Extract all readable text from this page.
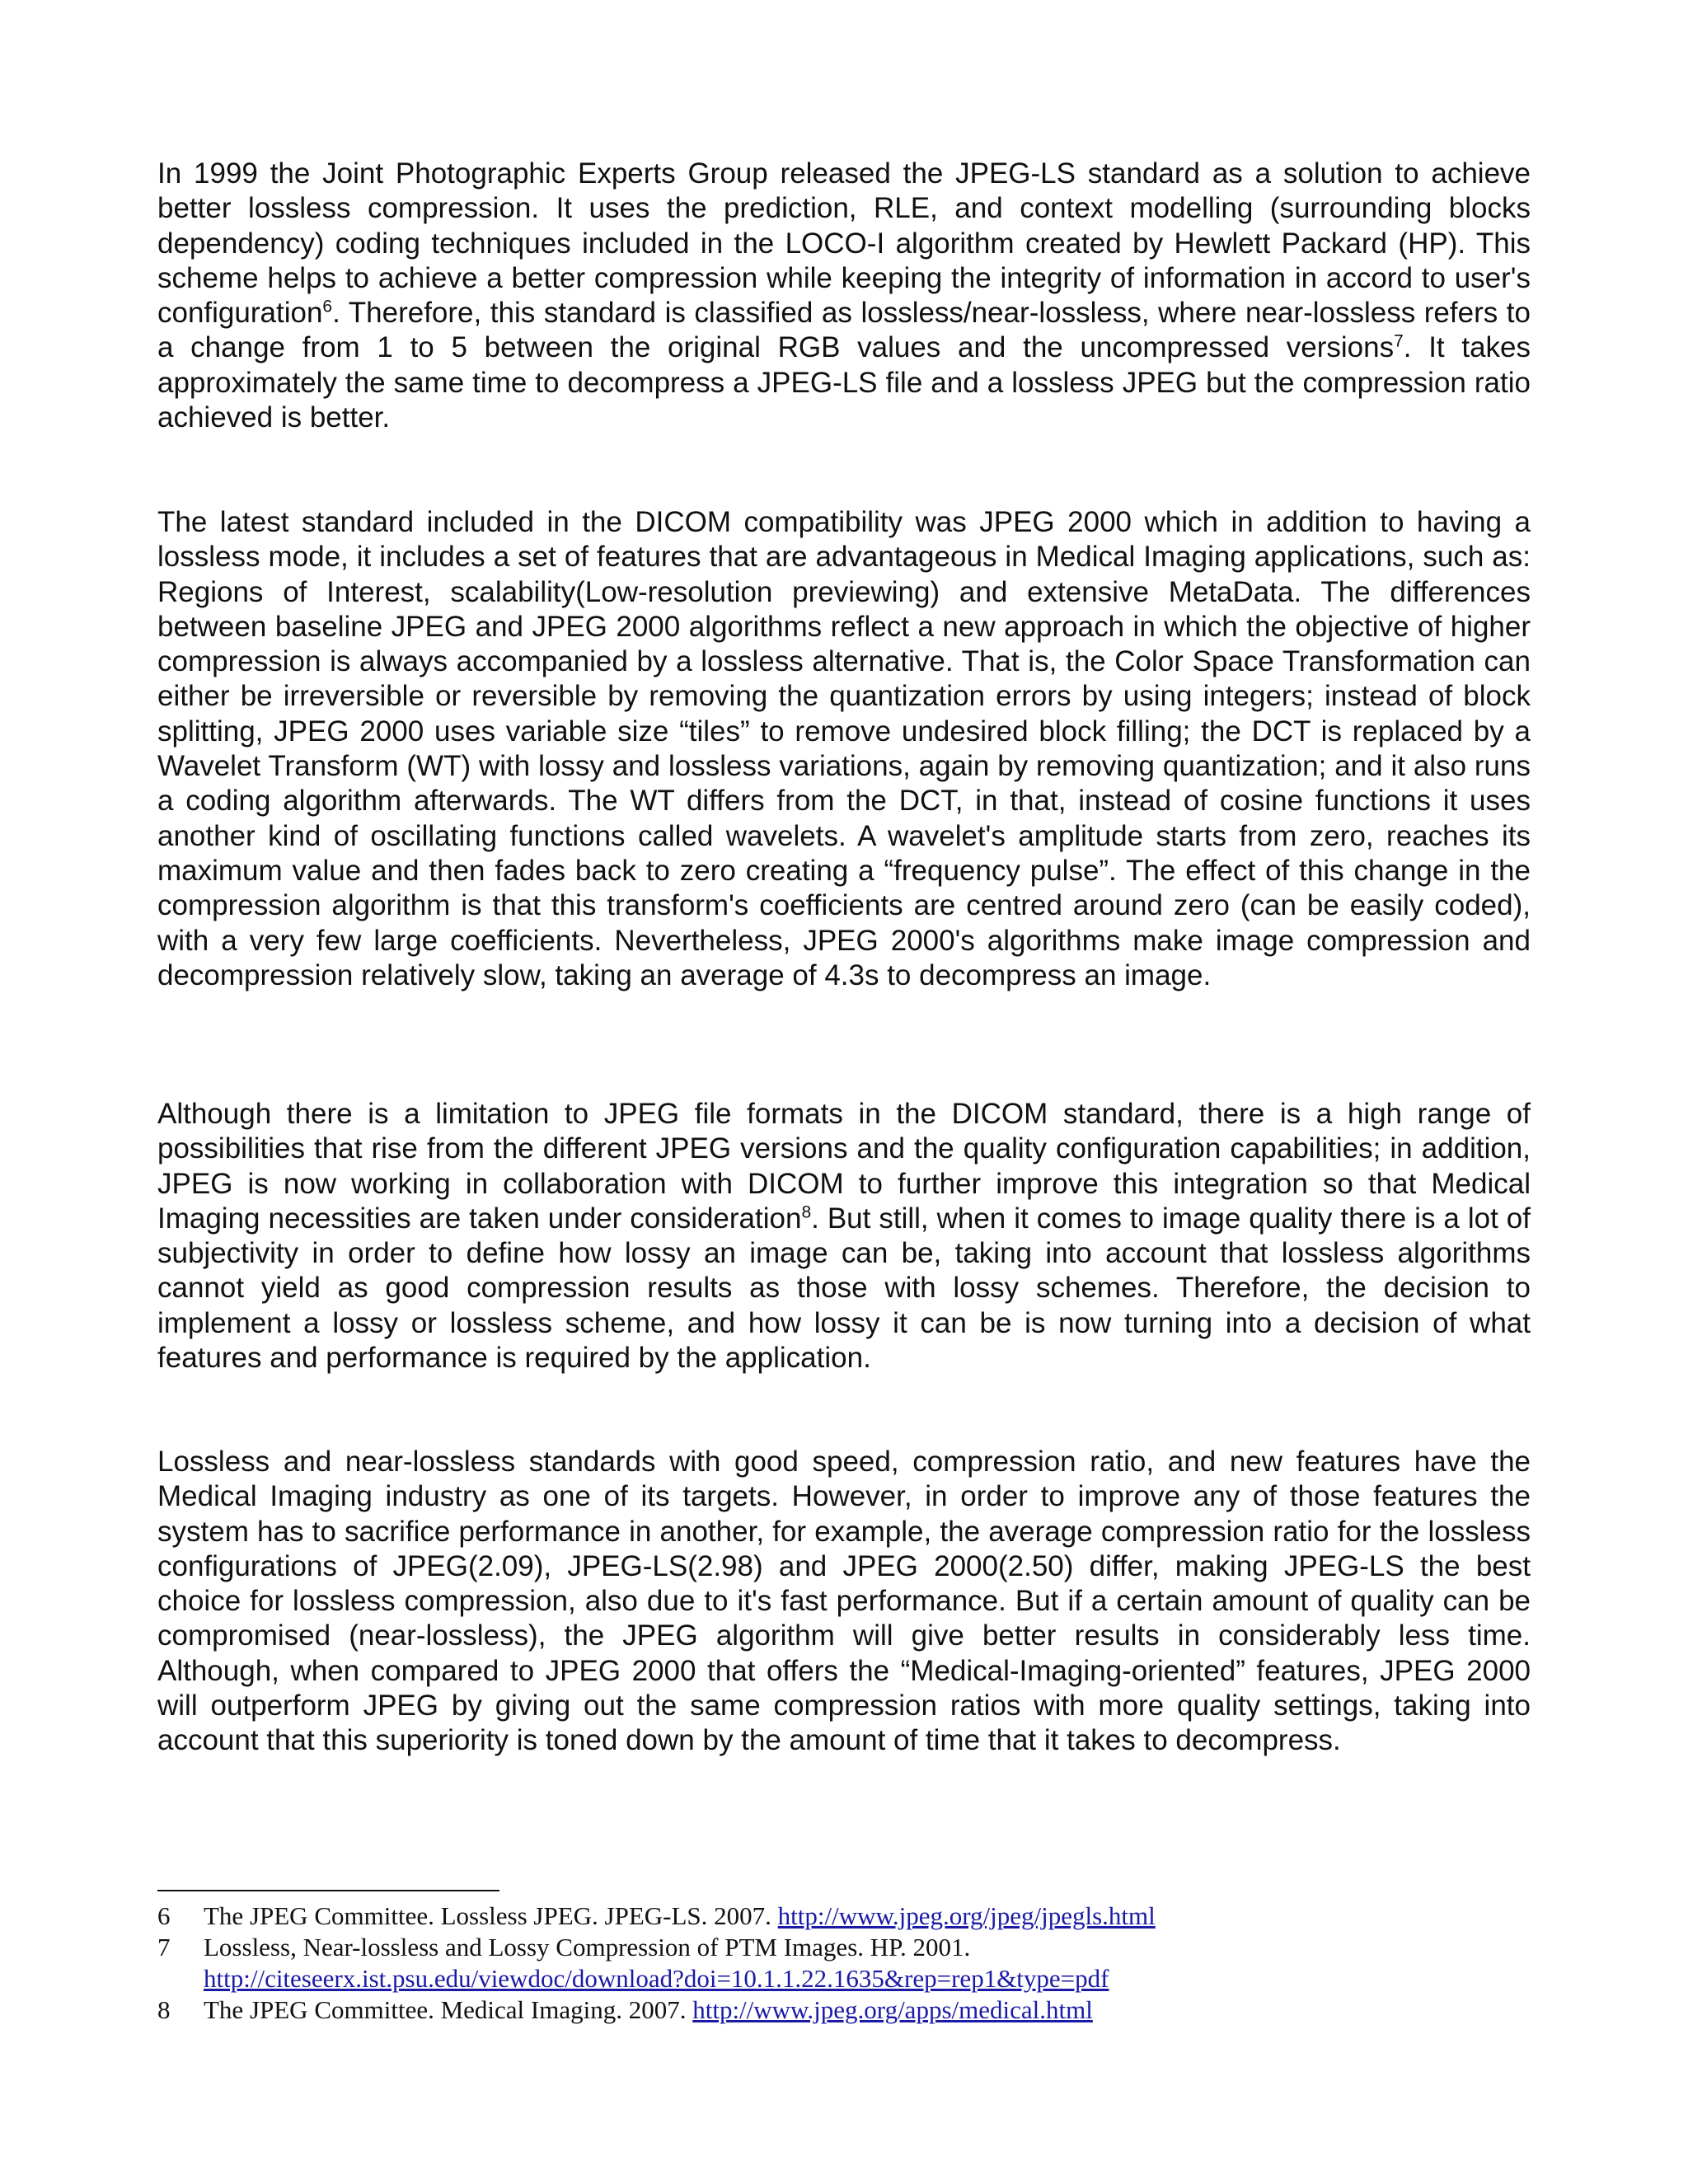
In 1999 the Joint Photographic Experts Group released the JPEG-LS standard as a solution to achieve better lossless compression. It uses the prediction, RLE, and context modelling (surrounding blocks dependency) coding techniques included in the LOCO-I algorithm created by Hewlett Packard (HP). This scheme helps to achieve a better compression while keeping the integrity of information in accord to user's configuration$^6$. Therefore, this standard is classified as lossless/near-lossless, where near-lossless refers to a change from 1 to 5 between the original RGB values and the uncompressed versions$^7$. It takes approximately the same time to decompress a JPEG-LS file and a lossless JPEG but the compression ratio achieved is better.

The latest standard included in the DICOM compatibility was JPEG 2000 which in addition to having a lossless mode, it includes a set of features that are advantageous in Medical Imaging applications, such as: Regions of Interest, scalability(Low-resolution previewing) and extensive MetaData. The differences between baseline JPEG and JPEG 2000 algorithms reflect a new approach in which the objective of higher compression is always accompanied by a lossless alternative. That is, the Color Space Transformation can either be irreversible or reversible by removing the quantization errors by using integers; instead of block splitting, JPEG 2000 uses variable size “tiles” to remove undesired block filling; the DCT is replaced by a Wavelet Transform (WT) with lossy and lossless variations, again by removing quantization; and it also runs a coding algorithm afterwards. The WT differs from the DCT, in that, instead of cosine functions it uses another kind of oscillating functions called wavelets. A wavelet's amplitude starts from zero, reaches its maximum value and then fades back to zero creating a “frequency pulse”. The effect of this change in the compression algorithm is that this transform's coefficients are centred around zero (can be easily coded), with a very few large coefficients. Nevertheless, JPEG 2000's algorithms make image compression and decompression relatively slow, taking an average of 4.3s to decompress an image.

Although there is a limitation to JPEG file formats in the DICOM standard, there is a high range of possibilities that rise from the different JPEG versions and the quality configuration capabilities; in addition, JPEG is now working in collaboration with DICOM to further improve this integration so that Medical Imaging necessities are taken under consideration$^8$. But still, when it comes to image quality there is a lot of subjectivity in order to define how lossy an image can be, taking into account that lossless algorithms cannot yield as good compression results as those with lossy schemes. Therefore, the decision to implement a lossy or lossless scheme, and how lossy it can be is now turning into a decision of what features and performance is required by the application.

Lossless and near-lossless standards with good speed, compression ratio, and new features have the Medical Imaging industry as one of its targets. However, in order to improve any of those features the system has to sacrifice performance in another, for example, the average compression ratio for the lossless configurations of JPEG(2.09), JPEG-LS(2.98) and JPEG 2000(2.50) differ, making JPEG-LS the best choice for lossless compression, also due to it's fast performance. But if a certain amount of quality can be compromised (near-lossless), the JPEG algorithm will give better results in considerably less time. Although, when compared to JPEG 2000 that offers the “Medical-Imaging-oriented” features, JPEG 2000 will outperform JPEG by giving out the same compression ratios with more quality settings, taking into account that this superiority is toned down by the amount of time that it takes to decompress.

6 The JPEG Committee. Lossless JPEG. JPEG-LS. 2007. http://www.jpeg.org/jpeg/jpegls.html
7 Lossless, Near-lossless and Lossy Compression of PTM Images. HP. 2001.
http://citeseerx.ist.psu.edu/viewdoc/download?doi=10.1.1.22.1635&rep=rep1&type=pdf
8 The JPEG Committee. Medical Imaging. 2007. http://www.jpeg.org/apps/medical.html
